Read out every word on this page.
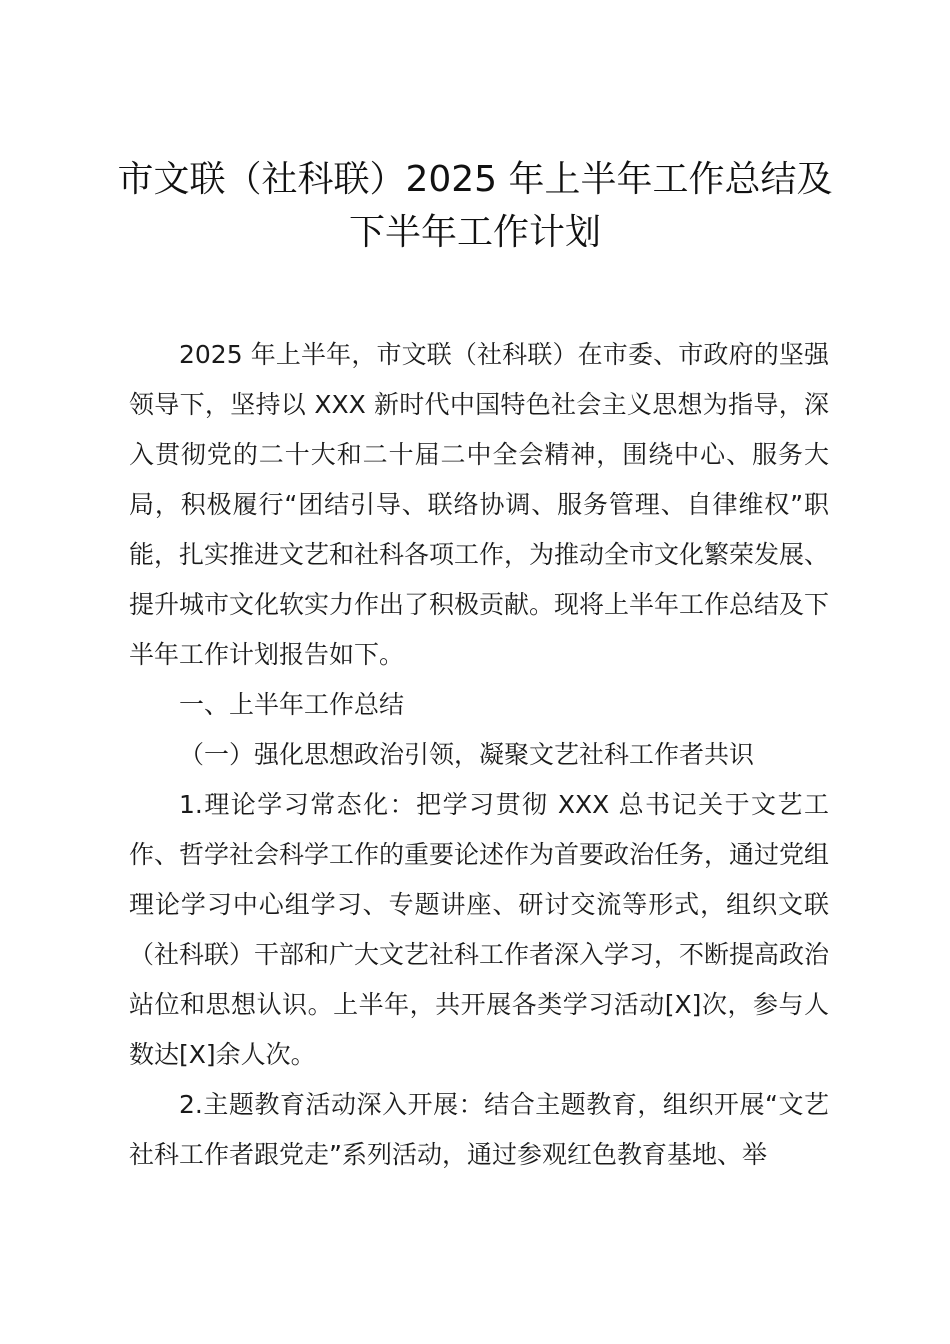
市文联（社科联）2025 年上半年工作总结及
下半年工作计划

2025 年上半年，市文联（社科联）在市委、市政府的坚强领导下，坚持以 XXX 新时代中国特色社会主义思想为指导，深入贯彻党的二十大和二十届二中全会精神，围绕中心、服务大局，积极履行“团结引导、联络协调、服务管理、自律维权”职能，扎实推进文艺和社科各项工作，为推动全市文化繁荣发展、提升城市文化软实力作出了积极贡献。现将上半年工作总结及下半年工作计划报告如下。

一、上半年工作总结

（一）强化思想政治引领，凝聚文艺社科工作者共识

1.理论学习常态化：把学习贯彻 XXX 总书记关于文艺工作、哲学社会科学工作的重要论述作为首要政治任务，通过党组理论学习中心组学习、专题讲座、研讨交流等形式，组织文联（社科联）干部和广大文艺社科工作者深入学习，不断提高政治站位和思想认识。上半年，共开展各类学习活动[X]次，参与人数达[X]余人次。

2.主题教育活动深入开展：结合主题教育，组织开展“文艺社科工作者跟党走”系列活动，通过参观红色教育基地、举
